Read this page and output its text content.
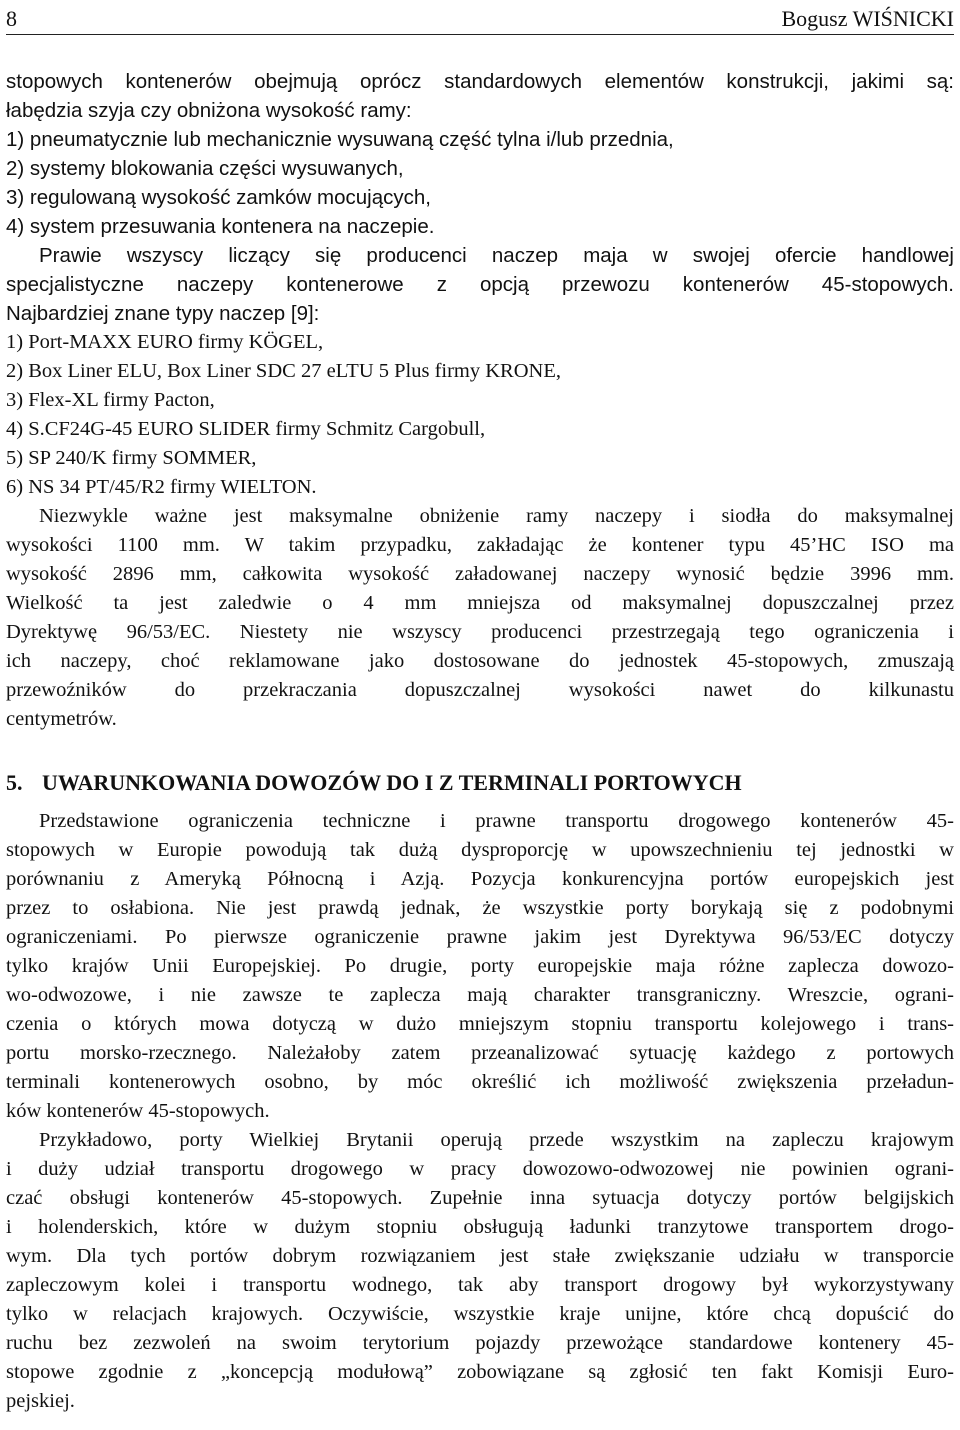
8	Bogusz WIŚNICKI
stopowych kontenerów obejmują oprócz standardowych elementów konstrukcji, jakimi są:
łabędzia szyja czy obniżona wysokość ramy:
1) pneumatycznie lub mechanicznie wysuwaną część tylna i/lub przednia,
2) systemy blokowania części wysuwanych,
3) regulowaną wysokość zamków mocujących,
4) system przesuwania kontenera na naczepie.
Prawie wszyscy liczący się producenci naczep maja w swojej ofercie handlowej
specjalistyczne naczepy kontenerowe z opcją przewozu kontenerów 45-stopowych.
Najbardziej znane typy naczep [9]:
1) Port-MAXX EURO firmy KÖGEL,
2) Box Liner ELU, Box Liner SDC 27 eLTU 5 Plus firmy KRONE,
3) Flex-XL firmy Pacton,
4) S.CF24G-45 EURO SLIDER firmy Schmitz Cargobull,
5) SP 240/K firmy SOMMER,
6) NS 34 PT/45/R2 firmy WIELTON.
Niezwykle ważne jest maksymalne obniżenie ramy naczepy i siodła do maksymalnej
wysokości 1100 mm. W takim przypadku, zakładając że kontener typu 45’HC ISO ma
wysokość 2896 mm, całkowita wysokość załadowanej naczepy wynosić będzie 3996 mm.
Wielkość ta jest zaledwie o 4 mm mniejsza od maksymalnej dopuszczalnej przez
Dyrektywę 96/53/EC. Niestety nie wszyscy producenci przestrzegają tego ograniczenia i
ich naczepy, choć reklamowane jako dostosowane do jednostek 45-stopowych, zmuszają
przewoźników do przekraczania dopuszczalnej wysokości nawet do kilkunastu
centymetrów.
5. UWARUNKOWANIA DOWOZÓW DO I Z TERMINALI PORTOWYCH
Przedstawione ograniczenia techniczne i prawne transportu drogowego kontenerów 45-
stopowych w Europie powodują tak dużą dysproporcję w upowszechnieniu tej jednostki w
porównaniu z Ameryką Północną i Azją. Pozycja konkurencyjna portów europejskich jest
przez to osłabiona. Nie jest prawdą jednak, że wszystkie porty borykają się z podobnymi
ograniczeniami. Po pierwsze ograniczenie prawne jakim jest Dyrektywa 96/53/EC dotyczy
tylko krajów Unii Europejskiej. Po drugie, porty europejskie maja różne zaplecza dowozo-
wo-odwozowe, i nie zawsze te zaplecza mają charakter transgraniczny. Wreszcie, ograni-
czenia o których mowa dotyczą w dużo mniejszym stopniu transportu kolejowego i trans-
portu morsko-rzecznego. Należałoby zatem przeanalizować sytuację każdego z portowych
terminali kontenerowych osobno, by móc określić ich możliwość zwiększenia przeładun-
ków kontenerów 45-stopowych.
Przykładowo, porty Wielkiej Brytanii operują przede wszystkim na zapleczu krajowym
i duży udział transportu drogowego w pracy dowozowo-odwozowej nie powinien ograni-
czać obsługi kontenerów 45-stopowych. Zupełnie inna sytuacja dotyczy portów belgijskich
i holenderskich, które w dużym stopniu obsługują ładunki tranzytowe transportem drogo-
wym. Dla tych portów dobrym rozwiązaniem jest stałe zwiększanie udziału w transporcie
zapleczowym kolei i transportu wodnego, tak aby transport drogowy był wykorzystywany
tylko w relacjach krajowych. Oczywiście, wszystkie kraje unijne, które chcą dopuścić do
ruchu bez zezwoleń na swoim terytorium pojazdy przewożące standardowe kontenery 45-
stopowe zgodnie z „koncepcją modułową” zobowiązane są zgłosić ten fakt Komisji Euro-
pejskiej.
